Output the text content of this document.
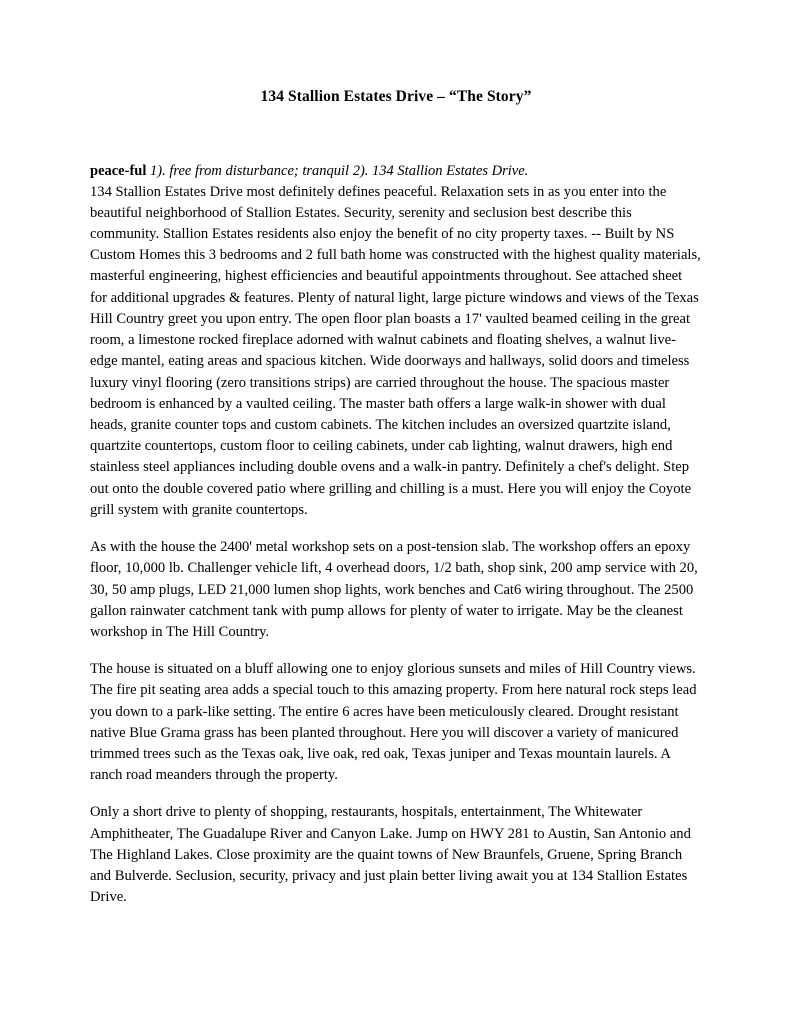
134 Stallion Estates Drive – “The Story”
peace-ful 1). free from disturbance; tranquil 2). 134 Stallion Estates Drive.

134 Stallion Estates Drive most definitely defines peaceful. Relaxation sets in as you enter into the beautiful neighborhood of Stallion Estates. Security, serenity and seclusion best describe this community. Stallion Estates residents also enjoy the benefit of no city property taxes. -- Built by NS Custom Homes this 3 bedrooms and 2 full bath home was constructed with the highest quality materials, masterful engineering, highest efficiencies and beautiful appointments throughout. See attached sheet for additional upgrades & features. Plenty of natural light, large picture windows and views of the Texas Hill Country greet you upon entry. The open floor plan boasts a 17' vaulted beamed ceiling in the great room, a limestone rocked fireplace adorned with walnut cabinets and floating shelves, a walnut live-edge mantel, eating areas and spacious kitchen. Wide doorways and hallways, solid doors and timeless luxury vinyl flooring (zero transitions strips) are carried throughout the house. The spacious master bedroom is enhanced by a vaulted ceiling. The master bath offers a large walk-in shower with dual heads, granite counter tops and custom cabinets. The kitchen includes an oversized quartzite island, quartzite countertops, custom floor to ceiling cabinets, under cab lighting, walnut drawers, high end stainless steel appliances including double ovens and a walk-in pantry. Definitely a chef's delight. Step out onto the double covered patio where grilling and chilling is a must. Here you will enjoy the Coyote grill system with granite countertops.

As with the house the 2400' metal workshop sets on a post-tension slab. The workshop offers an epoxy floor, 10,000 lb. Challenger vehicle lift, 4 overhead doors, 1/2 bath, shop sink, 200 amp service with 20, 30, 50 amp plugs, LED 21,000 lumen shop lights, work benches and Cat6 wiring throughout. The 2500 gallon rainwater catchment tank with pump allows for plenty of water to irrigate. May be the cleanest workshop in The Hill Country.

The house is situated on a bluff allowing one to enjoy glorious sunsets and miles of Hill Country views. The fire pit seating area adds a special touch to this amazing property. From here natural rock steps lead you down to a park-like setting. The entire 6 acres have been meticulously cleared. Drought resistant native Blue Grama grass has been planted throughout. Here you will discover a variety of manicured trimmed trees such as the Texas oak, live oak, red oak, Texas juniper and Texas mountain laurels. A ranch road meanders through the property.

Only a short drive to plenty of shopping, restaurants, hospitals, entertainment, The Whitewater Amphitheater, The Guadalupe River and Canyon Lake. Jump on HWY 281 to Austin, San Antonio and The Highland Lakes. Close proximity are the quaint towns of New Braunfels, Gruene, Spring Branch and Bulverde. Seclusion, security, privacy and just plain better living await you at 134 Stallion Estates Drive.
